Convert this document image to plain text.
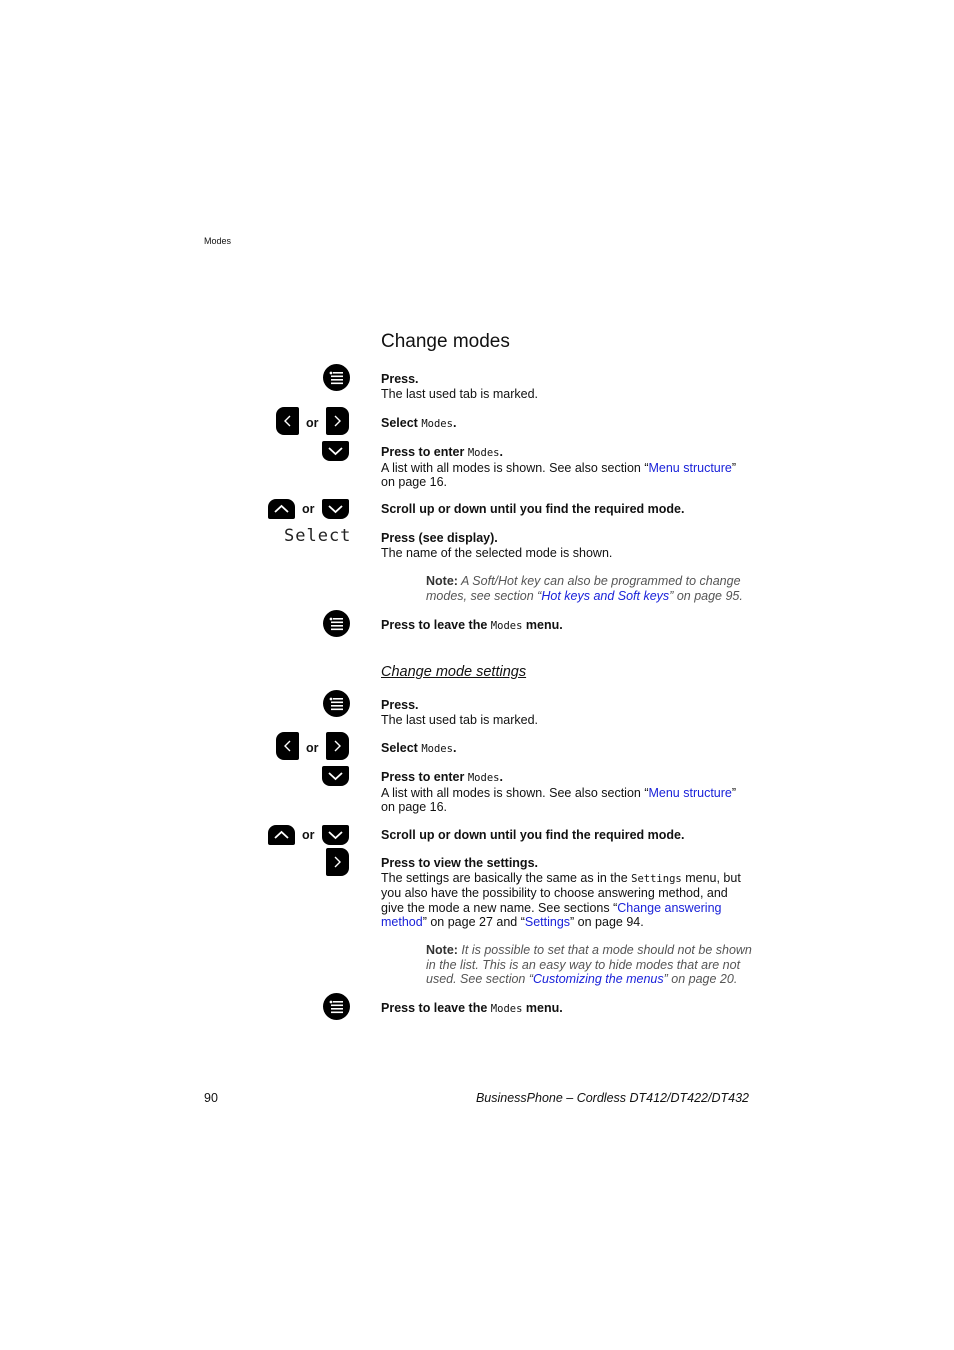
Modes
Change modes
Press.
The last used tab is marked.
or	Select Modes.
Press to enter Modes.
A list with all modes is shown. See also section “Menu structure” on page 16.
or	Scroll up or down until you find the required mode.
Select Press (see display).
The name of the selected mode is shown.
Note: A Soft/Hot key can also be programmed to change modes, see section “Hot keys and Soft keys” on page 95.
Press to leave the Modes menu.
Change mode settings
Press.
The last used tab is marked.
or	Select Modes.
Press to enter Modes.
A list with all modes is shown. See also section “Menu structure” on page 16.
or	Scroll up or down until you find the required mode.
Press to view the settings.
The settings are basically the same as in the Settings menu, but you also have the possibility to choose answering method, and give the mode a new name. See sections “Change answering method” on page 27 and “Settings” on page 94.
Note: It is possible to set that a mode should not be shown in the list. This is an easy way to hide modes that are not used. See section “Customizing the menus” on page 20.
Press to leave the Modes menu.
90	BusinessPhone – Cordless DT412/DT422/DT432
